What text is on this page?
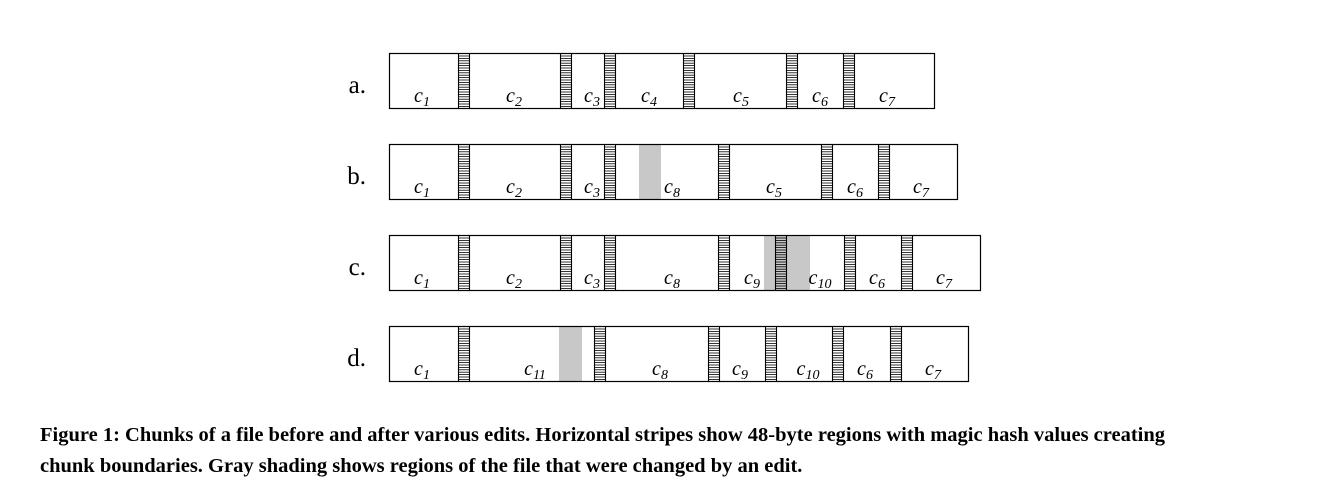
a. $c_1$	$c_2$	$c_3$ $c_4$	$c_5$	$c_6$	$c_7$
b. $c_1$	$c_2$	$c_3$	$c_8$	$c_5$	$c_6$	$c_7$
c. $c_1$	$c_2$	$c_3$	$c_8$	$c_9$ $c_{10}$ $c_6$	$c_7$
d. $c_1$	$c_{11}$	$c_8$	$c_9$ $c_{10}$ $c_6$	$c_7$

Figure 1: Chunks of a file before and after various edits. Horizontal stripes show 48-byte regions with magic hash values creating

chunk boundaries. Gray shading shows regions of the file that were changed by an edit.
